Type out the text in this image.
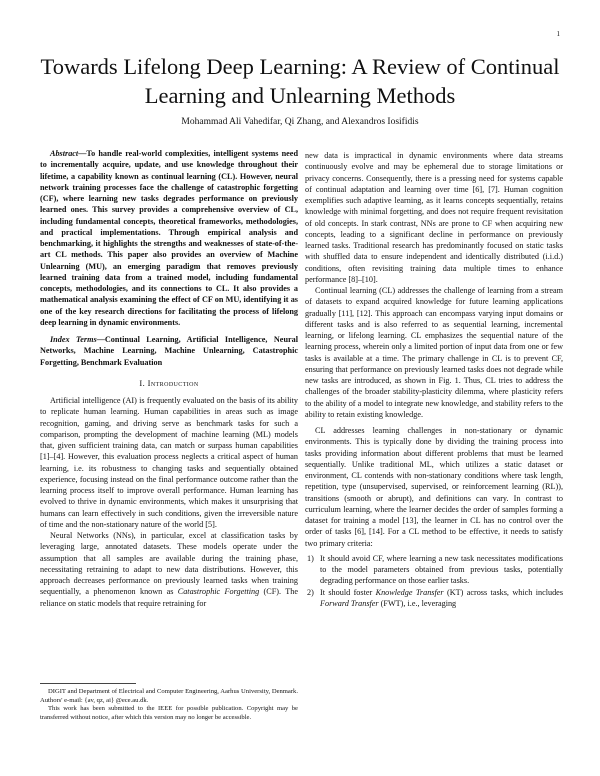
1
Towards Lifelong Deep Learning: A Review of Continual Learning and Unlearning Methods
Mohammad Ali Vahedifar, Qi Zhang, and Alexandros Iosifidis

Abstract—To handle real-world complexities, intelligent systems need to incrementally acquire, update, and use knowledge throughout their lifetime, a capability known as continual learning (CL). However, neural network training processes face the challenge of catastrophic forgetting (CF), where learning new tasks degrades performance on previously learned ones. This survey provides a comprehensive overview of CL, including fundamental concepts, theoretical frameworks, methodologies, and practical implementations. Through empirical analysis and benchmarking, it highlights the strengths and weaknesses of state-of-the-art CL methods. This paper also provides an overview of Machine Unlearning (MU), an emerging paradigm that removes previously learned training data from a trained model, including fundamental concepts, methodologies, and its connections to CL. It also provides a mathematical analysis examining the effect of CF on MU, identifying it as one of the key research directions for facilitating the process of lifelong deep learning in dynamic environments.

Index Terms—Continual Learning, Artificial Intelligence, Neural Networks, Machine Learning, Machine Unlearning, Catastrophic Forgetting, Benchmark Evaluation

I. Introduction

Artificial intelligence (AI) is frequently evaluated on the basis of its ability to replicate human learning. Human capabilities in areas such as image recognition, gaming, and driving serve as benchmark tasks for such a comparison, prompting the development of machine learning (ML) models that, given sufficient training data, can match or surpass human capabilities [1]–[4]. However, this evaluation process neglects a critical aspect of human learning, i.e. its robustness to changing tasks and sequentially obtained experience, focusing instead on the final performance outcome rather than the learning process itself to improve overall performance. Human learning has evolved to thrive in dynamic environments, which makes it unsurprising that humans can learn effectively in such conditions, given the irreversible nature of time and the non-stationary nature of the world [5].

Neural Networks (NNs), in particular, excel at classification tasks by leveraging large, annotated datasets. These models operate under the assumption that all samples are available during the training phase, necessitating retraining to adapt to new data distributions. However, this approach decreases performance on previously learned tasks when training sequentially, a phenomenon known as Catastrophic Forgetting (CF). The reliance on static models that require retraining for

DIGIT and Department of Electrical and Computer Engineering, Aarhus University, Denmark. Authors' e-mail: {av, qz, ai} @ece.au.dk.

This work has been submitted to the IEEE for possible publication. Copyright may be transferred without notice, after which this version may no longer be accessible.

new data is impractical in dynamic environments where data streams continuously evolve and may be ephemeral due to storage limitations or privacy concerns. Consequently, there is a pressing need for systems capable of continual adaptation and learning over time [6], [7]. Human cognition exemplifies such adaptive learning, as it learns concepts sequentially, retains knowledge with minimal forgetting, and does not require frequent revisitation of old concepts. In stark contrast, NNs are prone to CF when acquiring new concepts, leading to a significant decline in performance on previously learned tasks. Traditional research has predominantly focused on static tasks with shuffled data to ensure independent and identically distributed (i.i.d.) conditions, often revisiting training data multiple times to enhance performance [8]–[10].

Continual learning (CL) addresses the challenge of learning from a stream of datasets to expand acquired knowledge for future learning applications gradually [11], [12]. This approach can encompass varying input domains or different tasks and is also referred to as sequential learning, incremental learning, or lifelong learning. CL emphasizes the sequential nature of the learning process, wherein only a limited portion of input data from one or few tasks is available at a time. The primary challenge in CL is to prevent CF, ensuring that performance on previously learned tasks does not degrade while new tasks are introduced, as shown in Fig. 1. Thus, CL tries to address the challenges of the broader stability-plasticity dilemma, where plasticity refers to the ability of a model to integrate new knowledge, and stability refers to the ability to retain existing knowledge.

CL addresses learning challenges in non-stationary or dynamic environments. This is typically done by dividing the training process into tasks providing information about different problems that must be learned sequentially. Unlike traditional ML, which utilizes a static dataset or environment, CL contends with non-stationary conditions where task length, repetition, type (unsupervised, supervised, or reinforcement learning (RL)), transitions (smooth or abrupt), and definitions can vary. In contrast to curriculum learning, where the learner decides the order of samples forming a dataset for training a model [13], the learner in CL has no control over the order of tasks [6], [14]. For a CL method to be effective, it needs to satisfy two primary criteria:

1) It should avoid CF, where learning a new task necessitates modifications to the model parameters obtained from previous tasks, potentially degrading performance on those earlier tasks.
2) It should foster Knowledge Transfer (KT) across tasks, which includes Forward Transfer (FWT), i.e., leveraging
